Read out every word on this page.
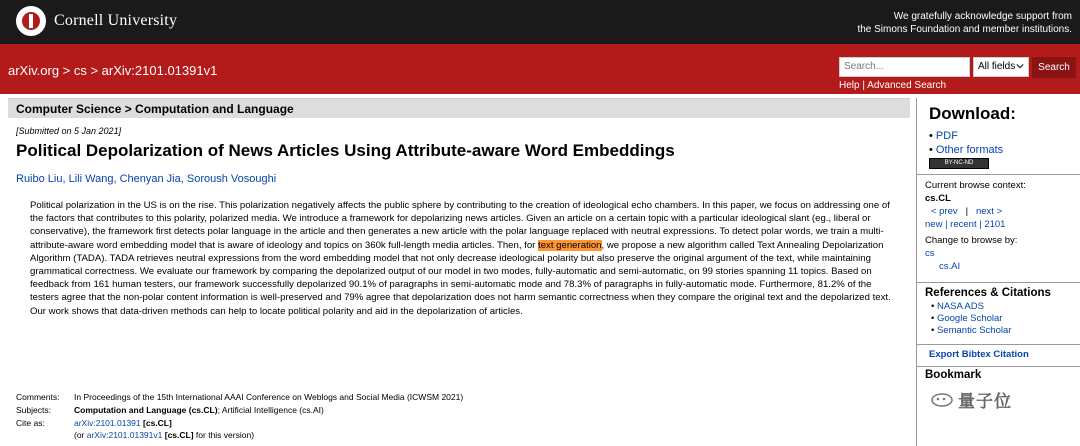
Cornell University	We gratefully acknowledge support from
the Simons Foundation and member institutions.
arXiv.org > cs > arXiv:2101.01391v1	Search...	All fields	Search
Help | Advanced Search
Computer Science > Computation and Language
[Submitted on 5 Jan 2021]
Political Depolarization of News Articles Using Attribute-aware Word Embeddings
Ruibo Liu, Lili Wang, Chenyan Jia, Soroush Vosoughi
Political polarization in the US is on the rise. This polarization negatively affects the public sphere by contributing to the creation of ideological echo chambers. In this paper, we focus on addressing one of the factors that contributes to this polarity, polarized media. We introduce a framework for depolarizing news articles. Given an article on a certain topic with a particular ideological slant (eg., liberal or conservative), the framework first detects polar language in the article and then generates a new article with the polar language replaced with neutral expressions. To detect polar words, we train a multi-attribute-aware word embedding model that is aware of ideology and topics on 360k full-length media articles. Then, for text generation, we propose a new algorithm called Text Annealing Depolarization Algorithm (TADA). TADA retrieves neutral expressions from the word embedding model that not only decrease ideological polarity but also preserve the original argument of the text, while maintaining grammatical correctness. We evaluate our framework by comparing the depolarized output of our model in two modes, fully-automatic and semi-automatic, on 99 stories spanning 11 topics. Based on feedback from 161 human testers, our framework successfully depolarized 90.1% of paragraphs in semi-automatic mode and 78.3% of paragraphs in fully-automatic mode. Furthermore, 81.2% of the testers agree that the non-polar content information is well-preserved and 79% agree that depolarization does not harm semantic correctness when they compare the original text and the depolarized text. Our work shows that data-driven methods can help to locate political polarity and aid in the depolarization of articles.
Comments:	In Proceedings of the 15th International AAAI Conference on Weblogs and Social Media (ICWSM 2021)
Subjects:	Computation and Language (cs.CL); Artificial Intelligence (cs.AI)
Cite as:	arXiv:2101.01391 [cs.CL]
(or arXiv:2101.01391v1 [cs.CL] for this version)
Download:
• PDF
• Other formats
BY-NC-ND
Current browse context:
cs.CL
< prev | next >
new | recent | 2101
Change to browse by:
cs
cs.AI
References & Citations
• NASA ADS
• Google Scholar
• Semantic Scholar
Export Bibtex Citation
Bookmark
量子位
